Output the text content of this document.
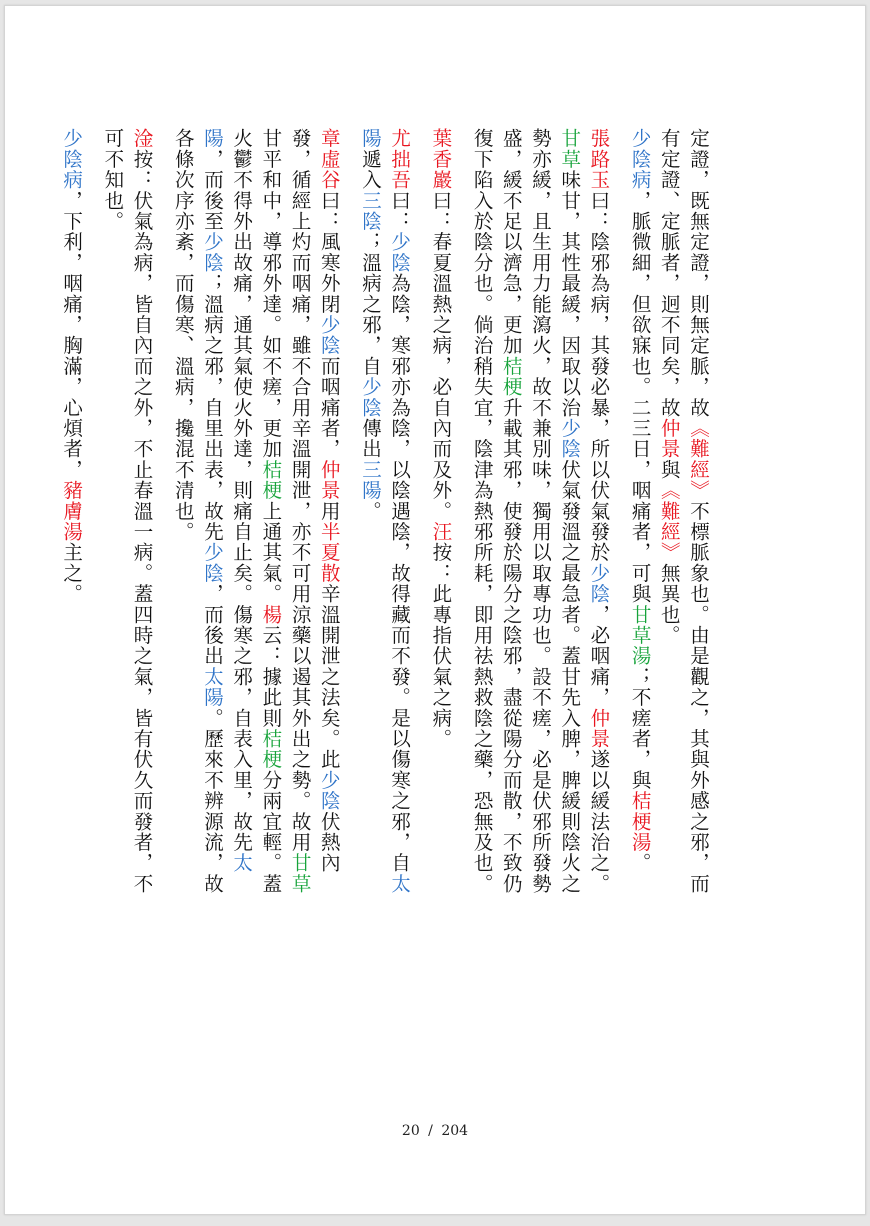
定證，既無定證，則無定脈，故《難經》不標脈象也。由是觀之，其與外感之邪，而有定證、定脈者，迥不同矣，故仲景與《難經》無異也。

少陰病，脈微細，但欲寐也。二三日，咽痛者，可與甘草湯；不瘥者，與桔梗湯。

張路玉曰：陰邪為病，其發必暴，所以伏氣發於少陰，必咽痛，仲景遂以緩法治之。甘草味甘，其性最緩，因取以治少陰伏氣發溫之最急者。蓋甘先入脾，脾緩則陰火之勢亦緩，且生用力能瀉火，故不兼別味，獨用以取專功也。設不瘥，必是伏邪所發勢盛，緩不足以濟急，更加桔梗升載其邪，使發於陽分之陰邪，盡從陽分而散，不致仍復下陷入於陰分也。倘治稍失宜，陰津為熱邪所耗，即用祛熱救陰之藥，恐無及也。

葉香巖曰：春夏溫熱之病，必自內而及外。汪按：此專指伏氣之病。

尤拙吾曰：少陰為陰，寒邪亦為陰，以陰遇陰，故得藏而不發。是以傷寒之邪，自太陽遞入三陰；溫病之邪，自少陰傳出三陽。

章虛谷曰：風寒外閉少陰而咽痛者，仲景用半夏散辛溫開泄之法矣。此少陰伏熱內發，循經上灼而咽痛，雖不合用辛溫開泄，亦不可用涼藥以遏其外出之勢。故用甘草甘平和中，導邪外達。如不瘥，更加桔梗上通其氣。楊云：據此則桔梗分兩宜輕。蓋火鬱不得外出故痛，通其氣使火外達，則痛自止矣。傷寒之邪，自表入里，故先太陽，而後至少陰；溫病之邪，自里出表，故先少陰，而後出太陽。歷來不辨源流，故各條次序亦紊，而傷寒、溫病，攙混不清也。

淦按：伏氣為病，皆自內而之外，不止春溫一病。蓋四時之氣，皆有伏久而發者，不可不知也。

少陰病，下利，咽痛，胸滿，心煩者，豬膚湯主之。

20 / 204
